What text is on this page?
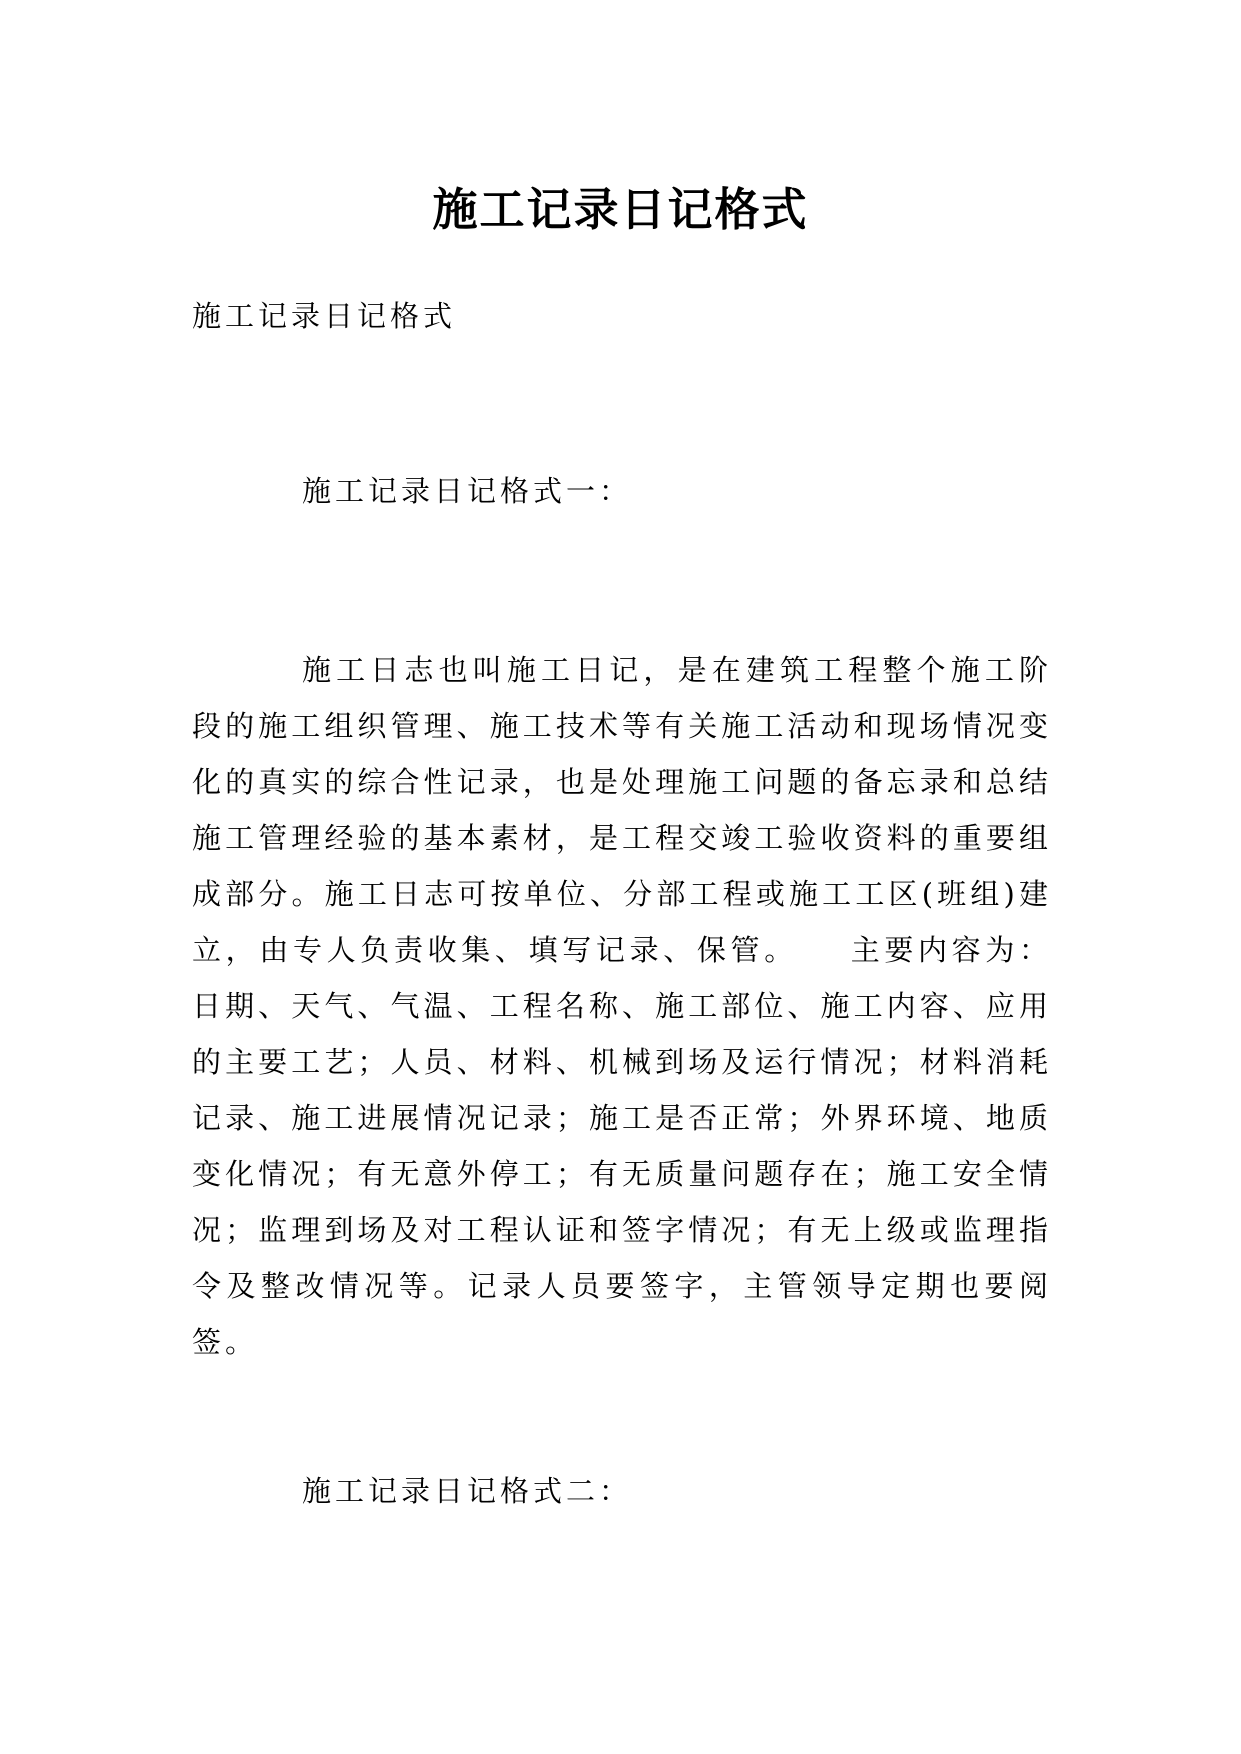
施工记录日记格式

施工记录日记格式

施工记录日记格式一：

施工日志也叫施工日记，是在建筑工程整个施工阶段的施工组织管理、施工技术等有关施工活动和现场情况变化的真实的综合性记录，也是处理施工问题的备忘录和总结施工管理经验的基本素材，是工程交竣工验收资料的重要组成部分。施工日志可按单位、分部工程或施工工区(班组)建立，由专人负责收集、填写记录、保管。　　主要内容为：日期、天气、气温、工程名称、施工部位、施工内容、应用的主要工艺；人员、材料、机械到场及运行情况；材料消耗记录、施工进展情况记录；施工是否正常；外界环境、地质变化情况；有无意外停工；有无质量问题存在；施工安全情况；监理到场及对工程认证和签字情况；有无上级或监理指令及整改情况等。记录人员要签字，主管领导定期也要阅签。

施工记录日记格式二：
